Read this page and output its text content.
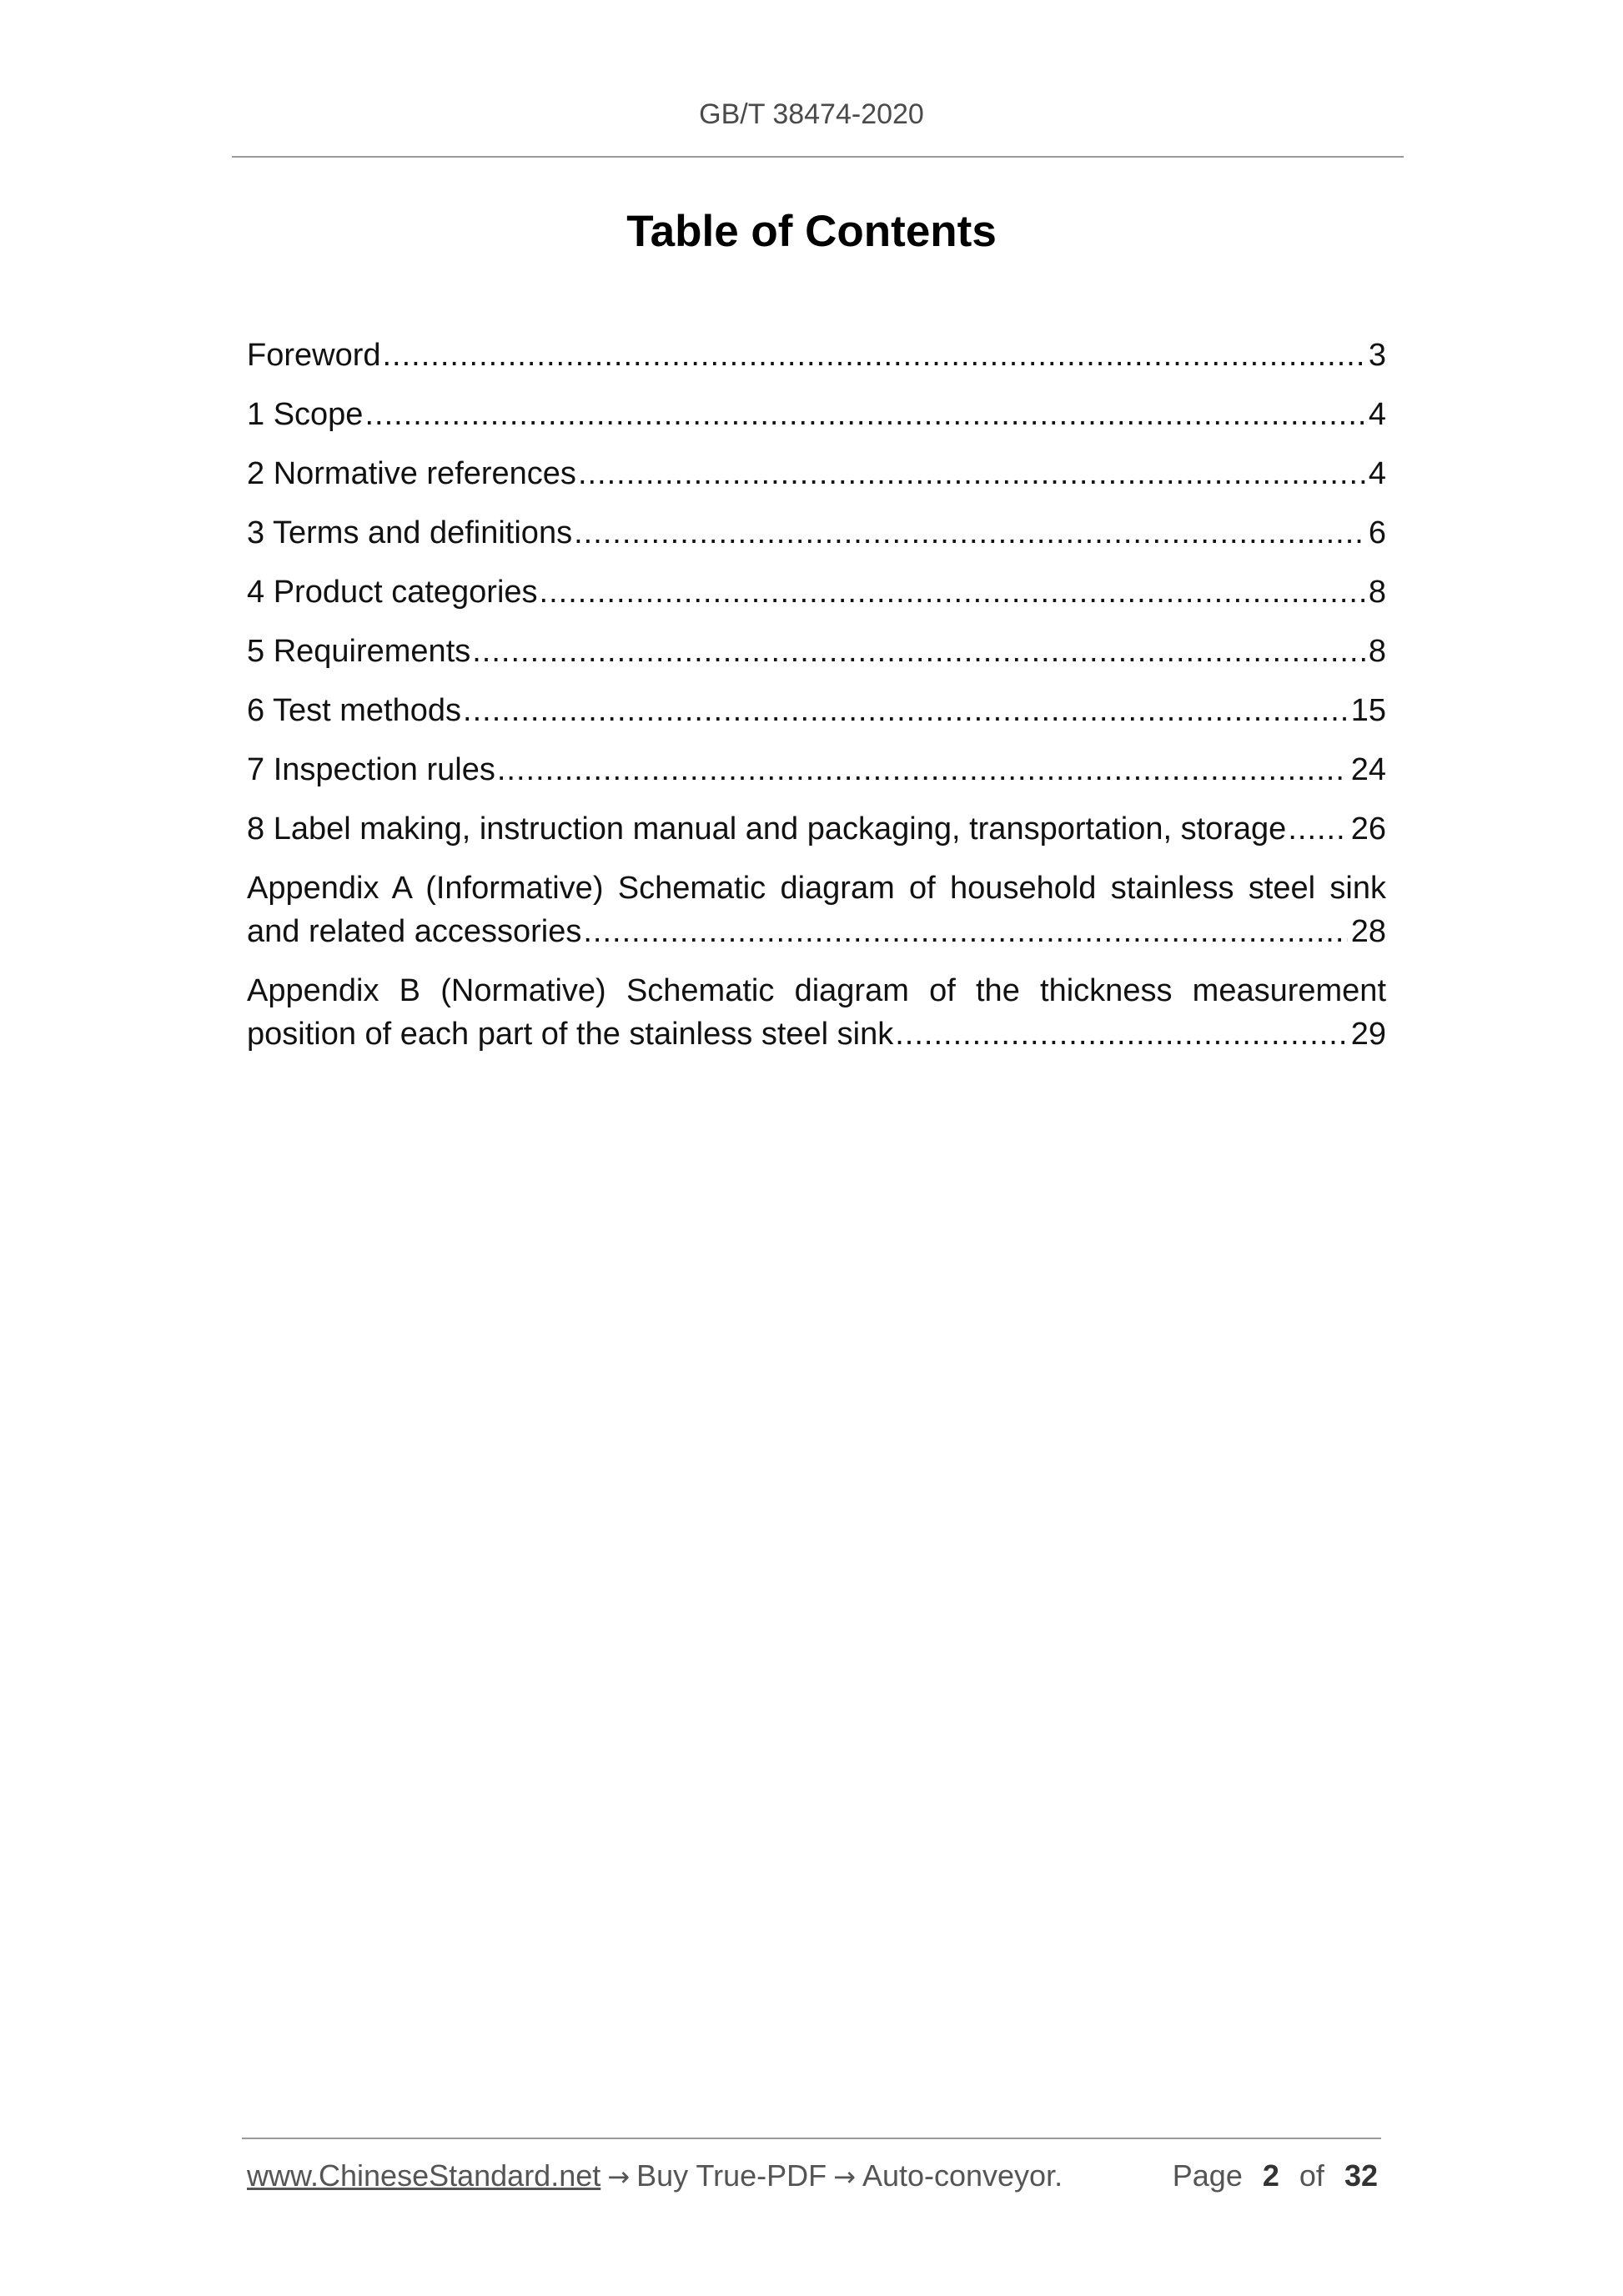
GB/T 38474-2020
Table of Contents
Foreword .....	3
1 Scope .....	4
2 Normative references .....	4
3 Terms and definitions .....	6
4 Product categories .....	8
5 Requirements .....	8
6 Test methods .....	15
7 Inspection rules .....	24
8 Label making, instruction manual and packaging, transportation, storage ..... 26
Appendix A (Informative) Schematic diagram of household stainless steel sink
and related accessories .....	28
Appendix B (Normative) Schematic diagram of the thickness measurement
position of each part of the stainless steel sink .....	29
www.ChineseStandard.net → Buy True-PDF → Auto-conveyor.	Page 2 of 32
